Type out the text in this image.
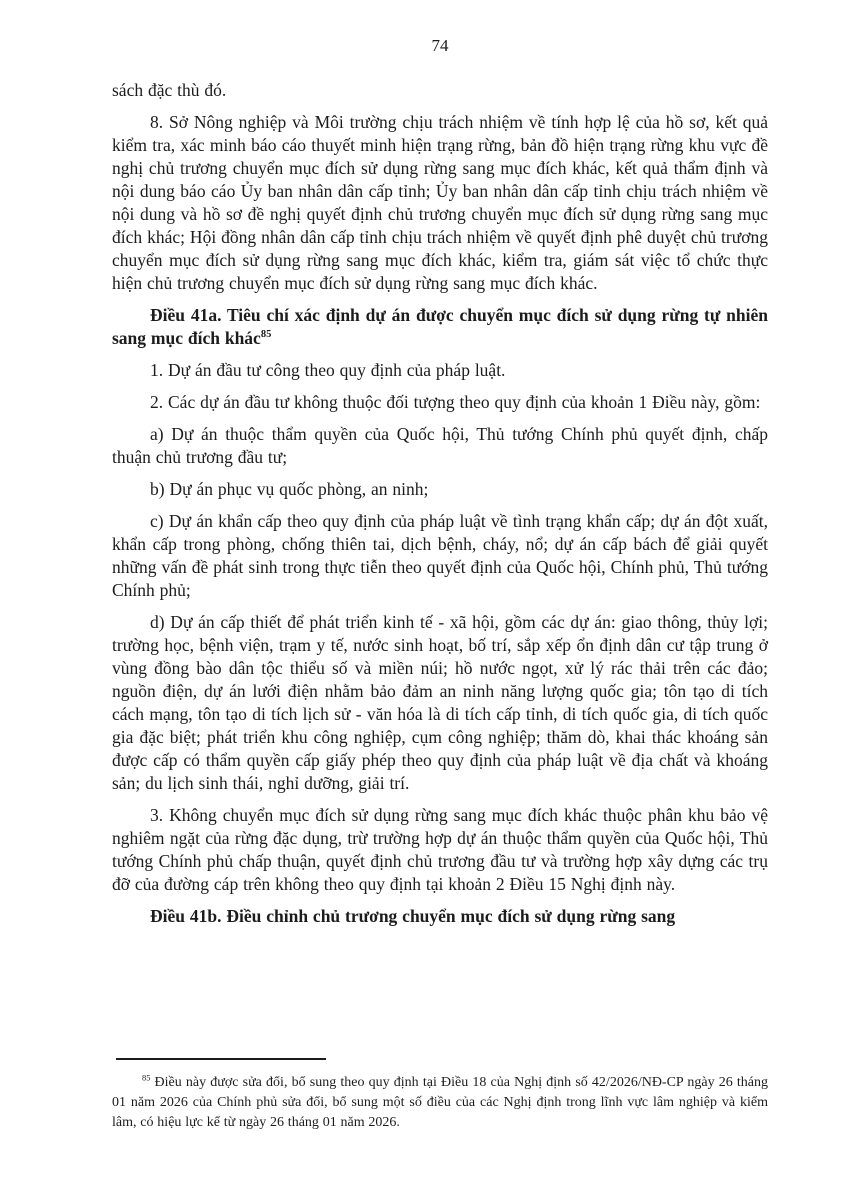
74

sách đặc thù đó.

8. Sở Nông nghiệp và Môi trường chịu trách nhiệm về tính hợp lệ của hồ sơ, kết quả kiểm tra, xác minh báo cáo thuyết minh hiện trạng rừng, bản đồ hiện trạng rừng khu vực đề nghị chủ trương chuyển mục đích sử dụng rừng sang mục đích khác, kết quả thẩm định và nội dung báo cáo Ủy ban nhân dân cấp tỉnh; Ủy ban nhân dân cấp tỉnh chịu trách nhiệm về nội dung và hồ sơ đề nghị quyết định chủ trương chuyển mục đích sử dụng rừng sang mục đích khác; Hội đồng nhân dân cấp tỉnh chịu trách nhiệm về quyết định phê duyệt chủ trương chuyển mục đích sử dụng rừng sang mục đích khác, kiểm tra, giám sát việc tổ chức thực hiện chủ trương chuyển mục đích sử dụng rừng sang mục đích khác.

Điều 41a. Tiêu chí xác định dự án được chuyển mục đích sử dụng rừng tự nhiên sang mục đích khác$^{85}$

1. Dự án đầu tư công theo quy định của pháp luật.

2. Các dự án đầu tư không thuộc đối tượng theo quy định của khoản 1 Điều này, gồm:

a) Dự án thuộc thẩm quyền của Quốc hội, Thủ tướng Chính phủ quyết định, chấp thuận chủ trương đầu tư;

b) Dự án phục vụ quốc phòng, an ninh;

c) Dự án khẩn cấp theo quy định của pháp luật về tình trạng khẩn cấp; dự án đột xuất, khẩn cấp trong phòng, chống thiên tai, dịch bệnh, cháy, nổ; dự án cấp bách để giải quyết những vấn đề phát sinh trong thực tiễn theo quyết định của Quốc hội, Chính phủ, Thủ tướng Chính phủ;

d) Dự án cấp thiết để phát triển kinh tế - xã hội, gồm các dự án: giao thông, thủy lợi; trường học, bệnh viện, trạm y tế, nước sinh hoạt, bố trí, sắp xếp ổn định dân cư tập trung ở vùng đồng bào dân tộc thiểu số và miền núi; hồ nước ngọt, xử lý rác thải trên các đảo; nguồn điện, dự án lưới điện nhằm bảo đảm an ninh năng lượng quốc gia; tôn tạo di tích cách mạng, tôn tạo di tích lịch sử - văn hóa là di tích cấp tỉnh, di tích quốc gia, di tích quốc gia đặc biệt; phát triển khu công nghiệp, cụm công nghiệp; thăm dò, khai thác khoáng sản được cấp có thẩm quyền cấp giấy phép theo quy định của pháp luật về địa chất và khoáng sản; du lịch sinh thái, nghỉ dưỡng, giải trí.

3. Không chuyển mục đích sử dụng rừng sang mục đích khác thuộc phân khu bảo vệ nghiêm ngặt của rừng đặc dụng, trừ trường hợp dự án thuộc thẩm quyền của Quốc hội, Thủ tướng Chính phủ chấp thuận, quyết định chủ trương đầu tư và trường hợp xây dựng các trụ đỡ của đường cáp trên không theo quy định tại khoản 2 Điều 15 Nghị định này.

Điều 41b. Điều chỉnh chủ trương chuyển mục đích sử dụng rừng sang

$^{85}$ Điều này được sửa đổi, bổ sung theo quy định tại Điều 18 của Nghị định số 42/2026/NĐ-CP ngày 26 tháng 01 năm 2026 của Chính phủ sửa đổi, bổ sung một số điều của các Nghị định trong lĩnh vực lâm nghiệp và kiểm lâm, có hiệu lực kể từ ngày 26 tháng 01 năm 2026.
